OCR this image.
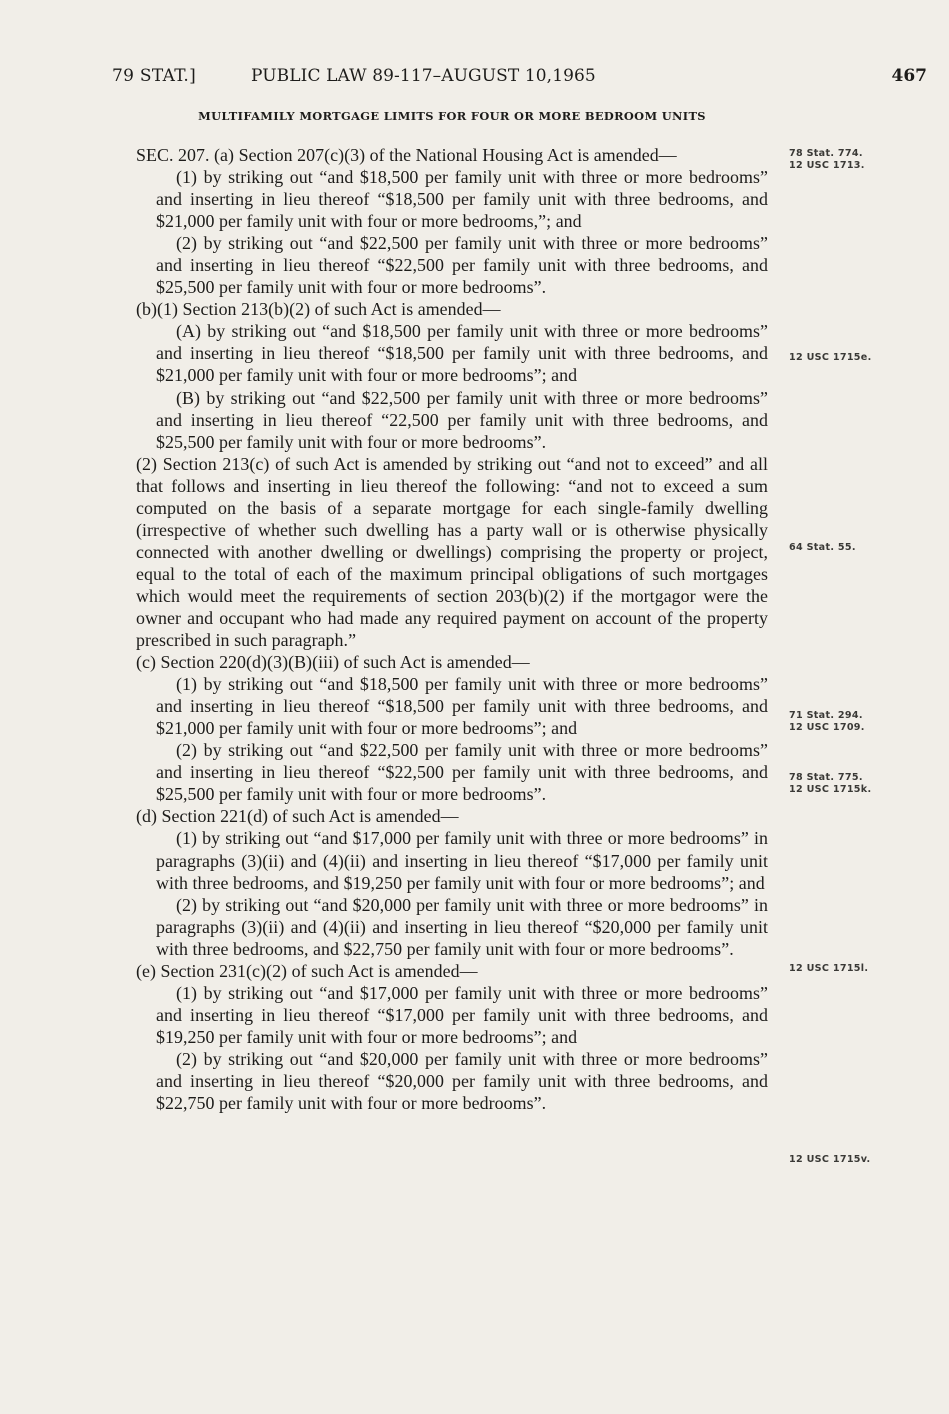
79 STAT.]	PUBLIC LAW 89-117–AUGUST 10,1965	467
MULTIFAMILY MORTGAGE LIMITS FOR FOUR OR MORE BEDROOM UNITS

SEC. 207. (a) Section 207(c)(3) of the National Housing Act is amended—

(1) by striking out “and $18,500 per family unit with three or more bedrooms” and inserting in lieu thereof “$18,500 per family unit with three bedrooms, and $21,000 per family unit with four or more bedrooms,”; and

(2) by striking out “and $22,500 per family unit with three or more bedrooms” and inserting in lieu thereof “$22,500 per family unit with three bedrooms, and $25,500 per family unit with four or more bedrooms”.

(b)(1) Section 213(b)(2) of such Act is amended—

(A) by striking out “and $18,500 per family unit with three or more bedrooms” and inserting in lieu thereof “$18,500 per family unit with three bedrooms, and $21,000 per family unit with four or more bedrooms”; and

(B) by striking out “and $22,500 per family unit with three or more bedrooms” and inserting in lieu thereof “22,500 per family unit with three bedrooms, and $25,500 per family unit with four or more bedrooms”.

(2) Section 213(c) of such Act is amended by striking out “and not to exceed” and all that follows and inserting in lieu thereof the following: “and not to exceed a sum computed on the basis of a separate mortgage for each single-family dwelling (irrespective of whether such dwelling has a party wall or is otherwise physically connected with another dwelling or dwellings) comprising the property or project, equal to the total of each of the maximum principal obligations of such mortgages which would meet the requirements of section 203(b)(2) if the mortgagor were the owner and occupant who had made any required payment on account of the property prescribed in such paragraph.”

(c) Section 220(d)(3)(B)(iii) of such Act is amended—

(1) by striking out “and $18,500 per family unit with three or more bedrooms” and inserting in lieu thereof “$18,500 per family unit with three bedrooms, and $21,000 per family unit with four or more bedrooms”; and

(2) by striking out “and $22,500 per family unit with three or more bedrooms” and inserting in lieu thereof “$22,500 per family unit with three bedrooms, and $25,500 per family unit with four or more bedrooms”.

(d) Section 221(d) of such Act is amended—

(1) by striking out “and $17,000 per family unit with three or more bedrooms” in paragraphs (3)(ii) and (4)(ii) and inserting in lieu thereof “$17,000 per family unit with three bedrooms, and $19,250 per family unit with four or more bedrooms”; and

(2) by striking out “and $20,000 per family unit with three or more bedrooms” in paragraphs (3)(ii) and (4)(ii) and inserting in lieu thereof “$20,000 per family unit with three bedrooms, and $22,750 per family unit with four or more bedrooms”.

(e) Section 231(c)(2) of such Act is amended—

(1) by striking out “and $17,000 per family unit with three or more bedrooms” and inserting in lieu thereof “$17,000 per family unit with three bedrooms, and $19,250 per family unit with four or more bedrooms”; and

(2) by striking out “and $20,000 per family unit with three or more bedrooms” and inserting in lieu thereof “$20,000 per family unit with three bedrooms, and $22,750 per family unit with four or more bedrooms”.

78 Stat. 774.
12 USC 1713.
12 USC 1715e.
64 Stat. 55.
71 Stat. 294.
12 USC 1709.
78 Stat. 775.
12 USC 1715k.
12 USC 1715l.
12 USC 1715v.
